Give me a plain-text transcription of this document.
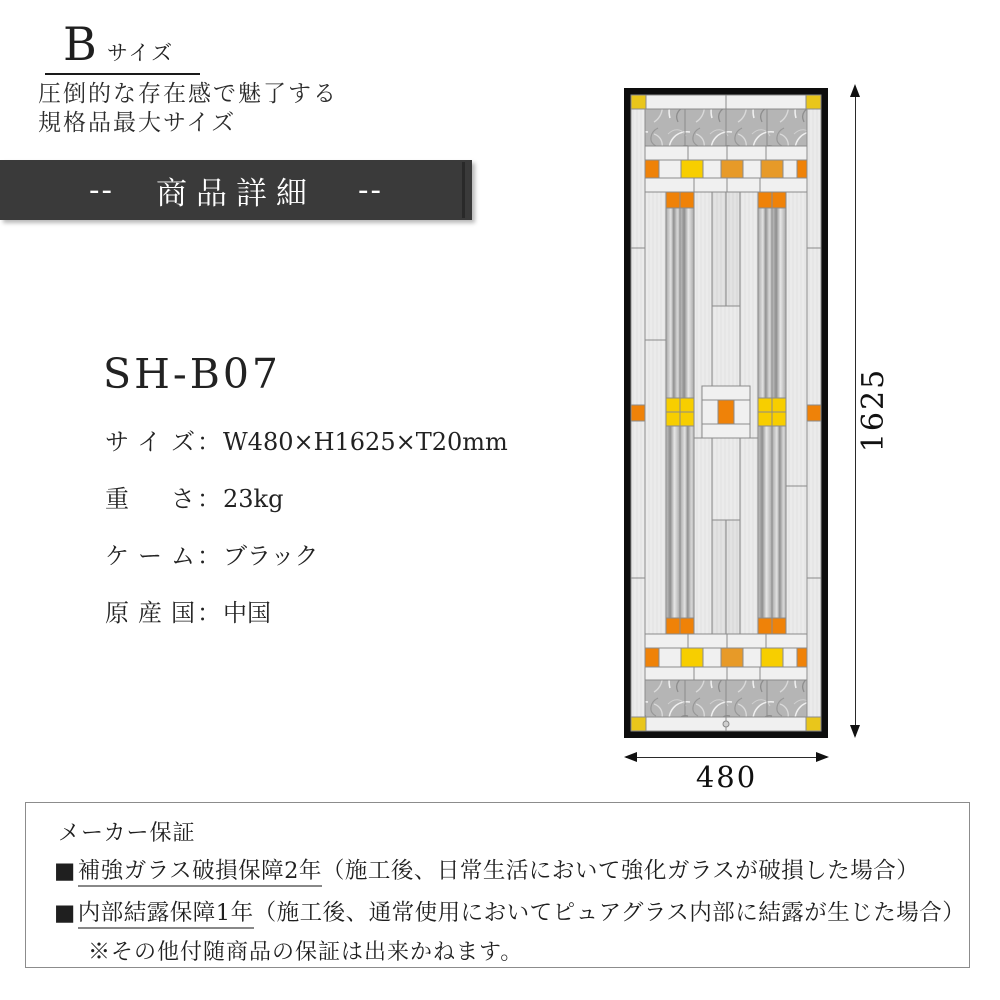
Bサイズ
圧倒的な存在感で魅了する
規格品最大サイズ
-- 商品詳細 --
SH-B07
サイズ：W480×H1625×T20mm
重さ：23kg
ケーム：ブラック
原産国：中国
1625
480
メーカー保証
■補強ガラス破損保障2年（施工後、日常生活において強化ガラスが破損した場合）
■内部結露保障1年（施工後、通常使用においてピュアグラス内部に結露が生じた場合）
※その他付随商品の保証は出来かねます。
